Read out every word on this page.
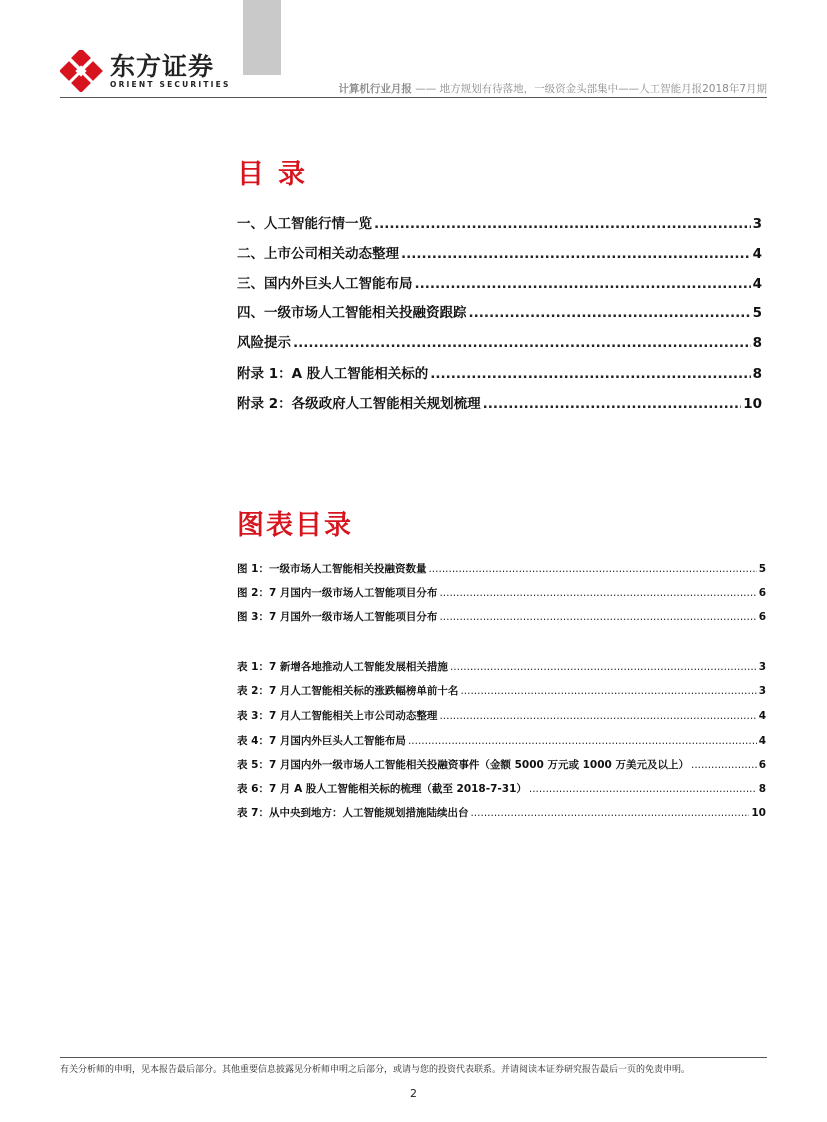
东方证券
ORIENT SECURITIES	计算机行业月报 —— 地方规划有待落地，一级资金头部集中——人工智能月报2018年7月期
目录
一、人工智能行情一览 .....	3
二、上市公司相关动态整理 .....	4
三、国内外巨头人工智能布局 .....	4
四、一级市场人工智能相关投融资跟踪 .....	5
风险提示 .....	8
附录 1：A 股人工智能相关标的 .....	8
附录 2：各级政府人工智能相关规划梳理 .....	10
图表目录
图 1：一级市场人工智能相关投融资数量 .....	5
图 2：7 月国内一级市场人工智能项目分布 .....	6
图 3：7 月国外一级市场人工智能项目分布 .....	6
表 1：7 新增各地推动人工智能发展相关措施 .....	3
表 2：7 月人工智能相关标的涨跌幅榜单前十名 .....	3
表 3：7 月人工智能相关上市公司动态整理 .....	4
表 4：7 月国内外巨头人工智能布局 .....	4
表 5：7 月国内外一级市场人工智能相关投融资事件（金额 5000 万元或 1000 万美元及以上） .....	6
表 6：7 月 A 股人工智能相关标的梳理（截至 2018-7-31） .....	8
表 7：从中央到地方：人工智能规划措施陆续出台 .....	10
有关分析师的申明，见本报告最后部分。其他重要信息披露见分析师申明之后部分，或请与您的投资代表联系。并请阅读本证券研究报告最后一页的免责申明。
2
